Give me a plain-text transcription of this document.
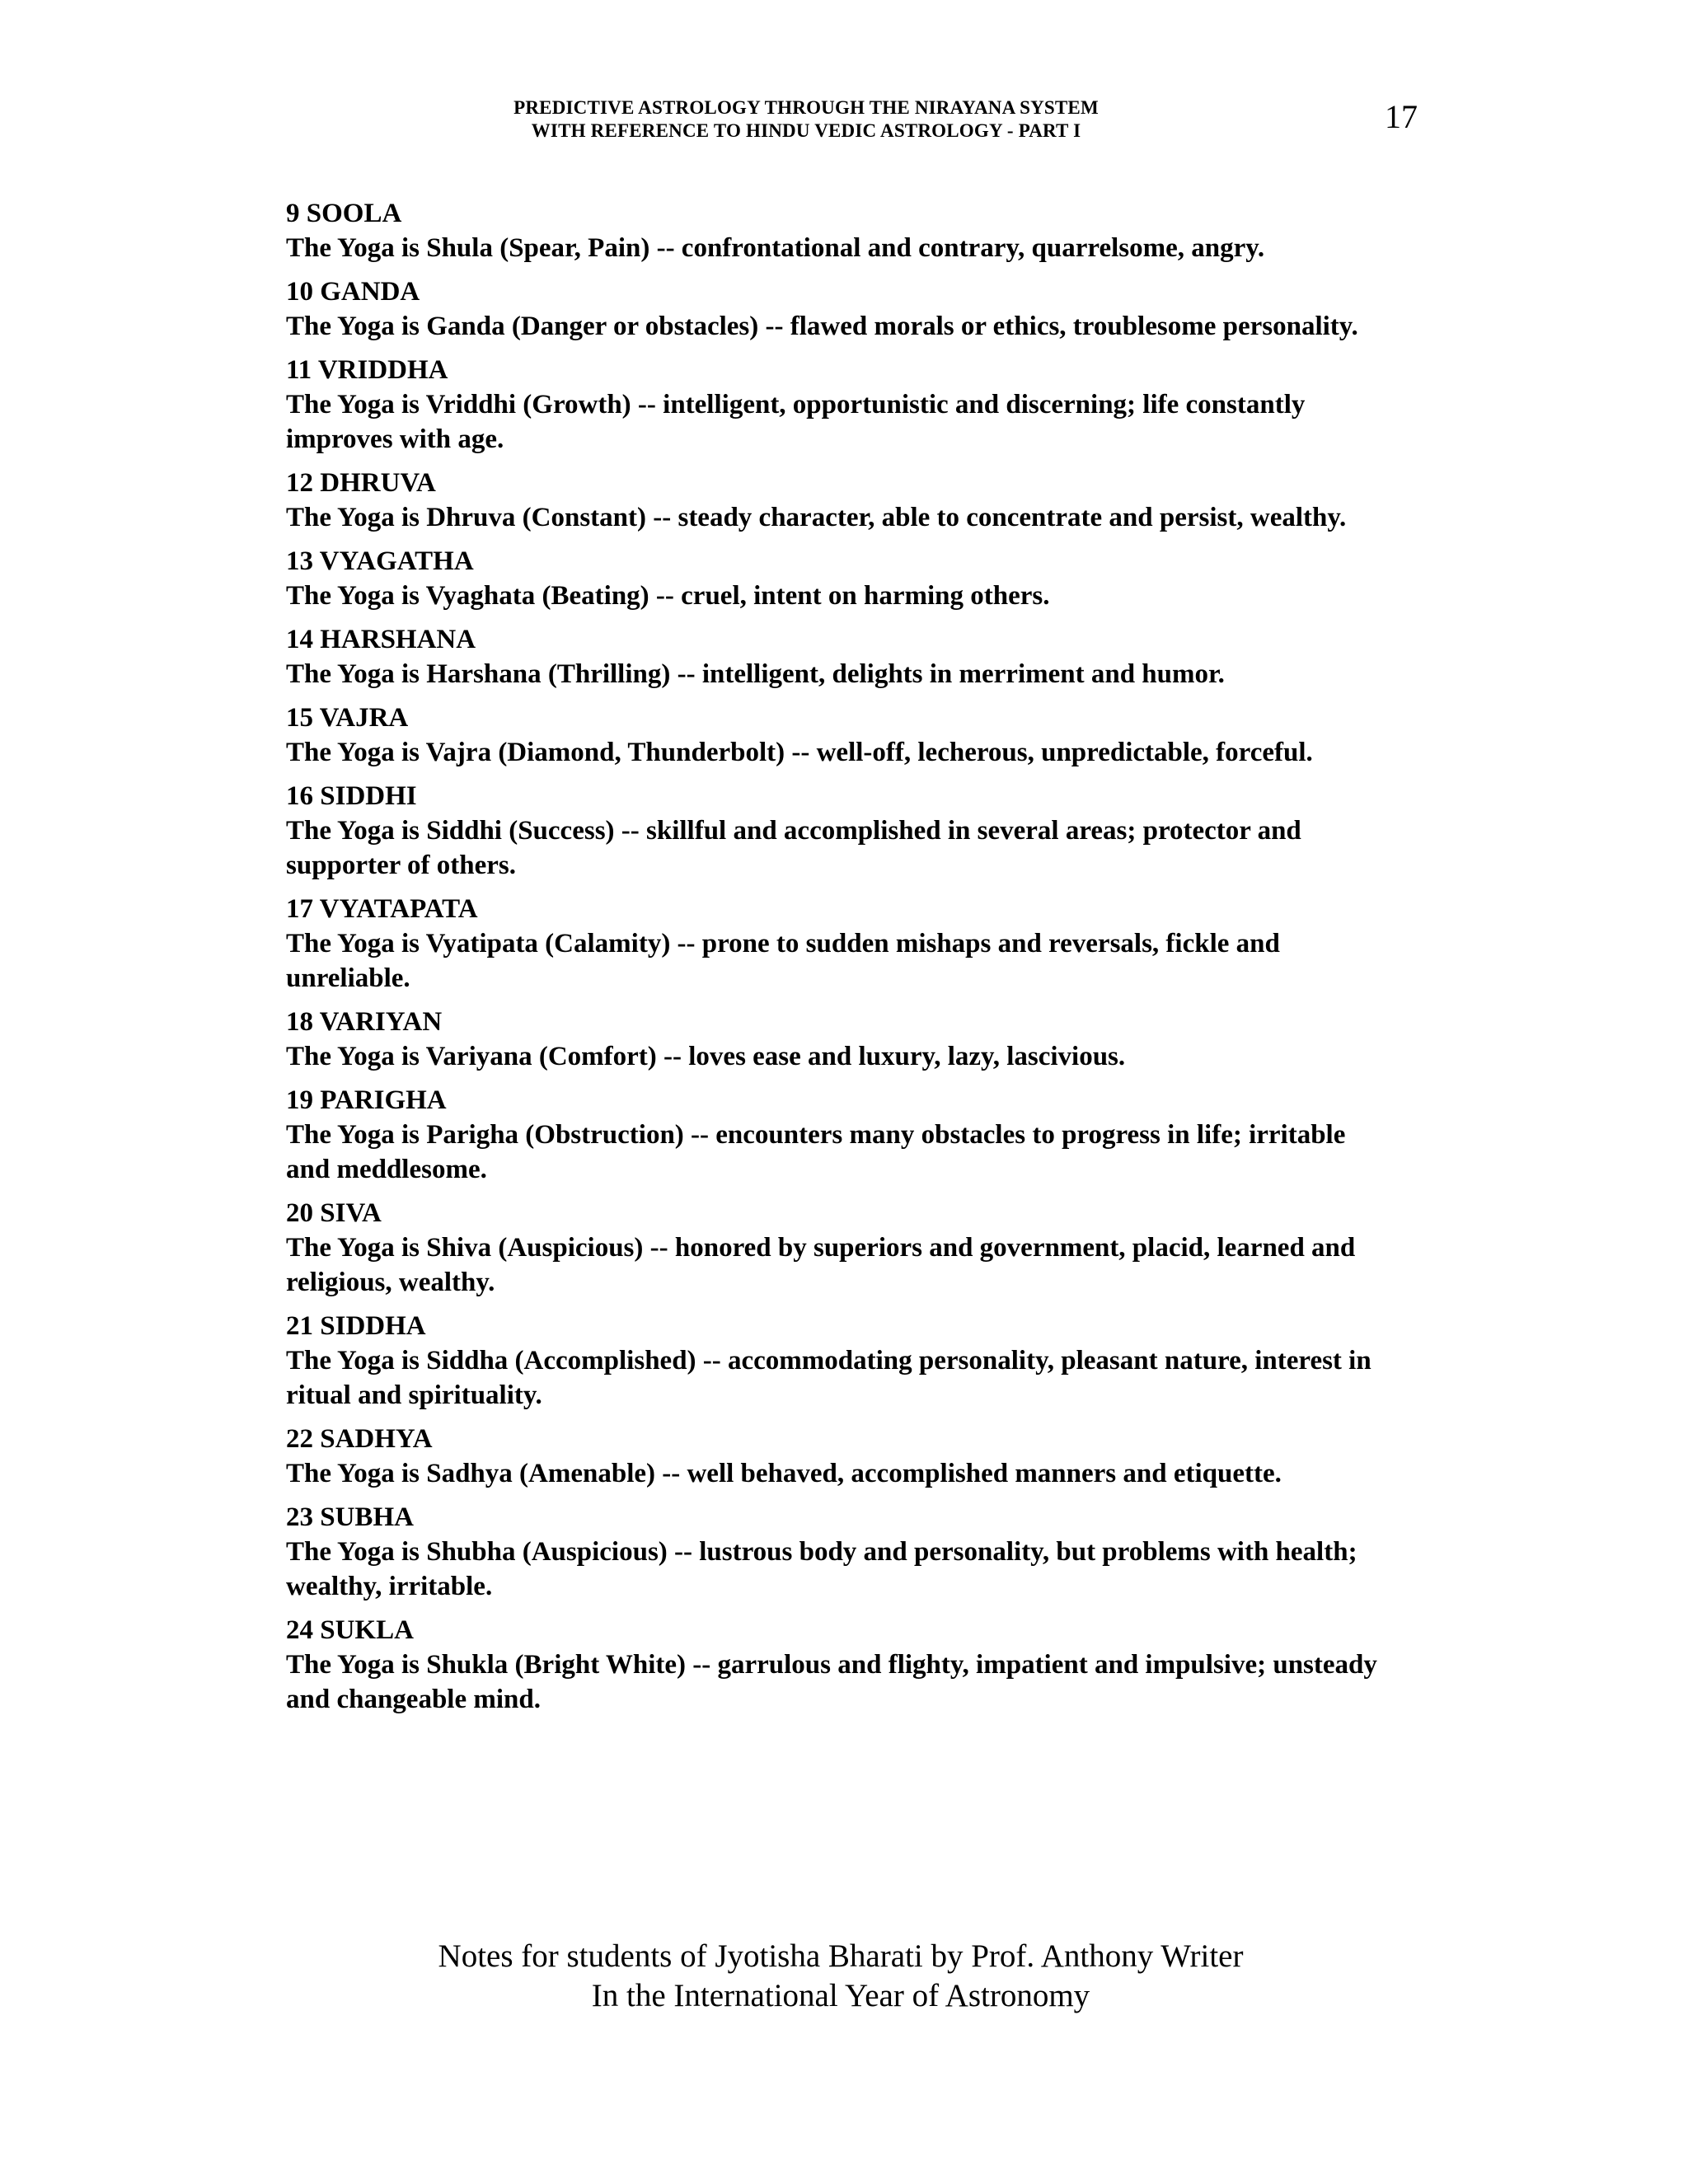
PREDICTIVE ASTROLOGY THROUGH THE NIRAYANA SYSTEM
WITH REFERENCE TO HINDU VEDIC ASTROLOGY - PART I	17
9 SOOLA
The Yoga is Shula (Spear, Pain) -- confrontational and contrary, quarrelsome, angry.
10 GANDA
The Yoga is Ganda (Danger or obstacles) -- flawed morals or ethics, troublesome personality.
11 VRIDDHA
The Yoga is Vriddhi (Growth) -- intelligent, opportunistic and discerning; life constantly improves with age.
12 DHRUVA
The Yoga is Dhruva (Constant) -- steady character, able to concentrate and persist, wealthy.
13 VYAGATHA
The Yoga is Vyaghata (Beating) -- cruel, intent on harming others.
14 HARSHANA
The Yoga is Harshana (Thrilling) -- intelligent, delights in merriment and humor.
15 VAJRA
The Yoga is Vajra (Diamond, Thunderbolt) -- well-off, lecherous, unpredictable, forceful.
16 SIDDHI
The Yoga is Siddhi (Success) -- skillful and accomplished in several areas; protector and supporter of others.
17 VYATAPATA
The Yoga is Vyatipata (Calamity) -- prone to sudden mishaps and reversals, fickle and unreliable.
18 VARIYAN
The Yoga is Variyana (Comfort) -- loves ease and luxury, lazy, lascivious.
19 PARIGHA
The Yoga is Parigha (Obstruction) -- encounters many obstacles to progress in life; irritable and meddlesome.
20 SIVA
The Yoga is Shiva (Auspicious) -- honored by superiors and government, placid, learned and religious, wealthy.
21 SIDDHA
The Yoga is Siddha (Accomplished) -- accommodating personality, pleasant nature, interest in ritual and spirituality.
22 SADHYA
The Yoga is Sadhya (Amenable) -- well behaved, accomplished manners and etiquette.
23 SUBHA
The Yoga is Shubha (Auspicious) -- lustrous body and personality, but problems with health; wealthy, irritable.
24 SUKLA
The Yoga is Shukla (Bright White) -- garrulous and flighty, impatient and impulsive; unsteady and changeable mind.
Notes for students of Jyotisha Bharati by Prof. Anthony Writer
In the International Year of Astronomy
